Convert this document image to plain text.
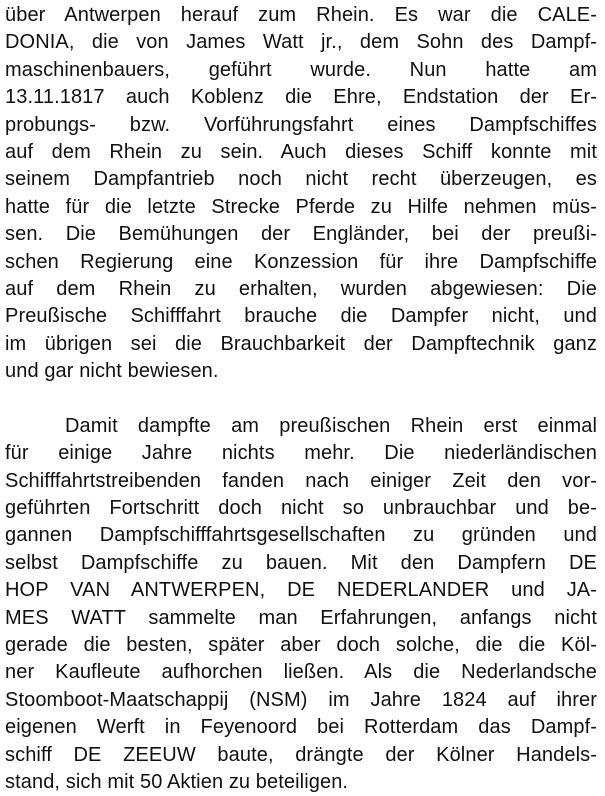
über Antwerpen herauf zum Rhein. Es war die CALE-
DONIA, die von James Watt jr., dem Sohn des Dampf-
maschinenbauers, geführt wurde. Nun hatte am
13.11.1817 auch Koblenz die Ehre, Endstation der Er-
probungs- bzw. Vorführungsfahrt eines Dampfschiffes
auf dem Rhein zu sein. Auch dieses Schiff konnte mit
seinem Dampfantrieb noch nicht recht überzeugen, es
hatte für die letzte Strecke Pferde zu Hilfe nehmen müs-
sen. Die Bemühungen der Engländer, bei der preußi-
schen Regierung eine Konzession für ihre Dampfschiffe
auf dem Rhein zu erhalten, wurden abgewiesen: Die
Preußische Schifffahrt brauche die Dampfer nicht, und
im übrigen sei die Brauchbarkeit der Dampftechnik ganz
und gar nicht bewiesen.
Damit dampfte am preußischen Rhein erst einmal
für einige Jahre nichts mehr. Die niederländischen
Schifffahrtstreibenden fanden nach einiger Zeit den vor-
geführten Fortschritt doch nicht so unbrauchbar und be-
gannen Dampfschifffahrtsgesellschaften zu gründen und
selbst Dampfschiffe zu bauen. Mit den Dampfern DE
HOP VAN ANTWERPEN, DE NEDERLANDER und JA-
MES WATT sammelte man Erfahrungen, anfangs nicht
gerade die besten, später aber doch solche, die die Köl-
ner Kaufleute aufhorchen ließen. Als die Nederlandsche
Stoomboot-Maatschappij (NSM) im Jahre 1824 auf ihrer
eigenen Werft in Feyenoord bei Rotterdam das Dampf-
schiff DE ZEEUW baute, drängte der Kölner Handels-
stand, sich mit 50 Aktien zu beteiligen.
